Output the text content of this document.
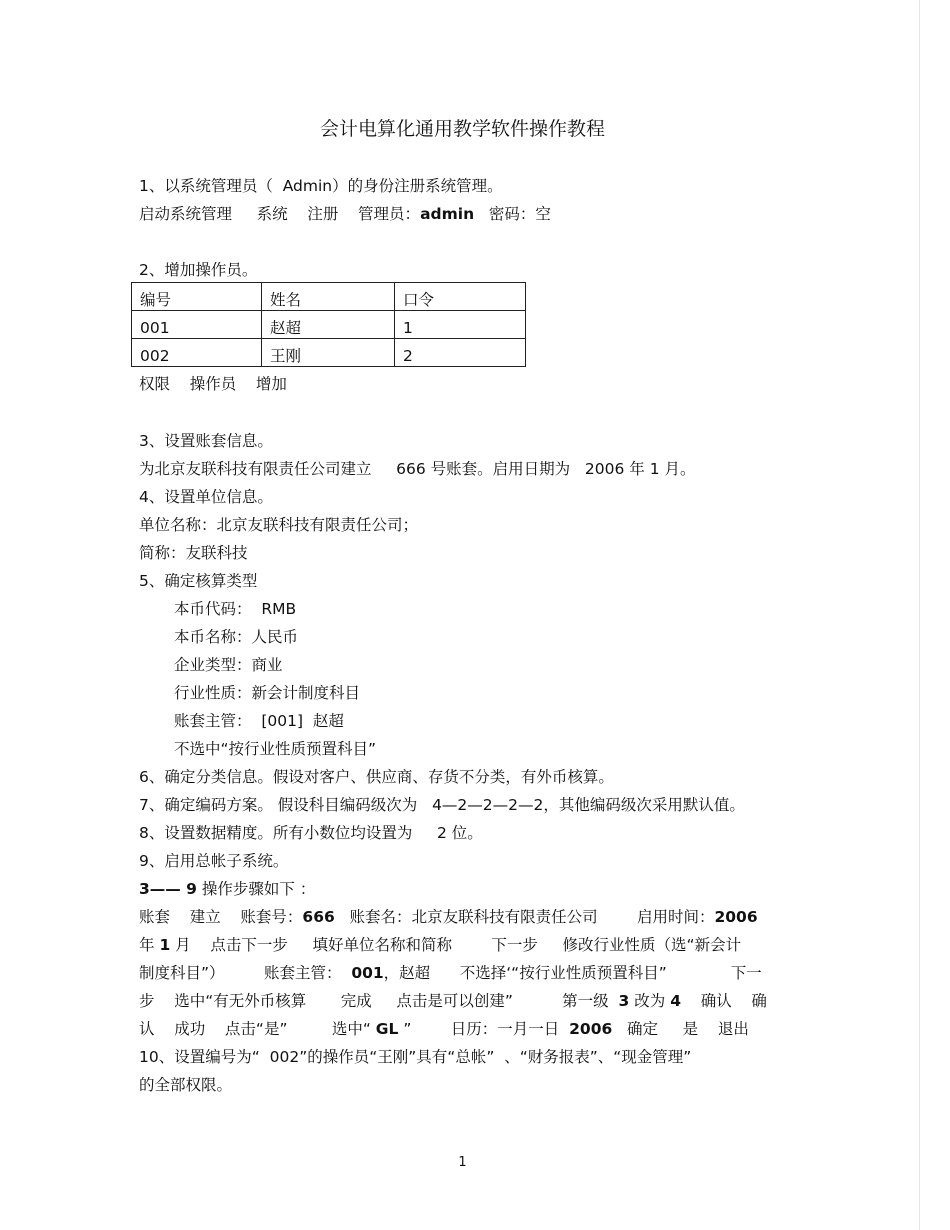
会计电算化通用教学软件操作教程
1、以系统管理员（  Admin）的身份注册系统管理。
启动系统管理     系统    注册    管理员：admin   密码：空
2、增加操作员。
编号	姓名	口令
001	赵超	1
002	王刚	2
权限    操作员    增加
3、设置账套信息。
为北京友联科技有限责任公司建立     666 号账套。启用日期为   2006 年 1 月。
4、设置单位信息。
单位名称：北京友联科技有限责任公司；
简称：友联科技
5、确定核算类型
本币代码：  RMB
本币名称：人民币
企业类型：商业
行业性质：新会计制度科目
账套主管：  [001]  赵超
不选中“按行业性质预置科目”
6、确定分类信息。假设对客户、供应商、存货不分类，有外币核算。
7、确定编码方案。 假设科目编码级次为   4—2—2—2—2，其他编码级次采用默认值。
8、设置数据精度。所有小数位均设置为     2 位。
9、启用总帐子系统。
3—— 9 操作步骤如下 ：
账套    建立    账套号：666   账套名：北京友联科技有限责任公司        启用时间：2006
年 1 月    点击下一步     填好单位名称和简称        下一步     修改行业性质（选“新会计
制度科目”）        账套主管：  001，赵超      不选择‘“按行业性质预置科目”             下一
步    选中“有无外币核算       完成     点击是可以创建”          第一级  3 改为 4    确认    确
认    成功    点击“是”         选中“ GL ”        日历：一月一日  2006   确定     是    退出
10、设置编号为“  002”的操作员“王刚”具有“总帐”  、“财务报表”、“现金管理”
的全部权限。
1
